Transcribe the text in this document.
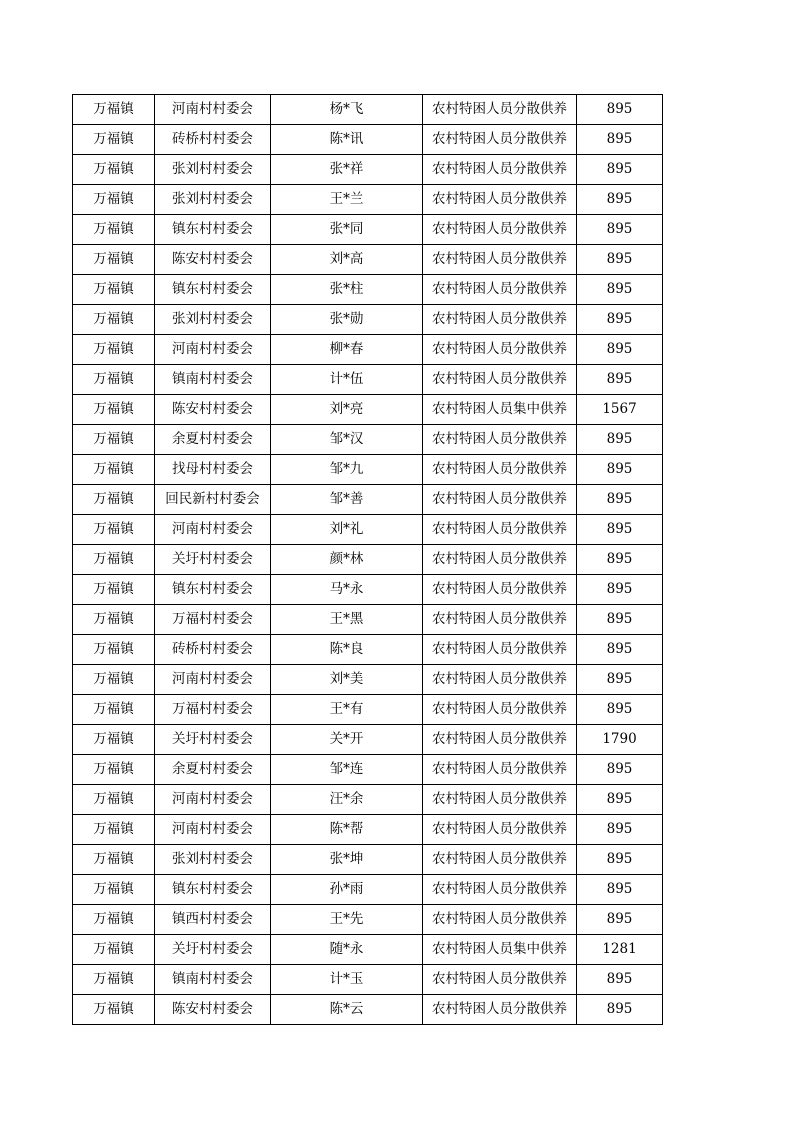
万福镇	河南村村委会	杨*飞	农村特困人员分散供养	895
万福镇	砖桥村村委会	陈*讯	农村特困人员分散供养	895
万福镇	张刘村村委会	张*祥	农村特困人员分散供养	895
万福镇	张刘村村委会	王*兰	农村特困人员分散供养	895
万福镇	镇东村村委会	张*同	农村特困人员分散供养	895
万福镇	陈安村村委会	刘*高	农村特困人员分散供养	895
万福镇	镇东村村委会	张*柱	农村特困人员分散供养	895
万福镇	张刘村村委会	张*勋	农村特困人员分散供养	895
万福镇	河南村村委会	柳*春	农村特困人员分散供养	895
万福镇	镇南村村委会	计*伍	农村特困人员分散供养	895
万福镇	陈安村村委会	刘*亮	农村特困人员集中供养	1567
万福镇	余夏村村委会	邹*汉	农村特困人员分散供养	895
万福镇	找母村村委会	邹*九	农村特困人员分散供养	895
万福镇	回民新村村委会	邹*善	农村特困人员分散供养	895
万福镇	河南村村委会	刘*礼	农村特困人员分散供养	895
万福镇	关圩村村委会	颜*林	农村特困人员分散供养	895
万福镇	镇东村村委会	马*永	农村特困人员分散供养	895
万福镇	万福村村委会	王*黑	农村特困人员分散供养	895
万福镇	砖桥村村委会	陈*良	农村特困人员分散供养	895
万福镇	河南村村委会	刘*美	农村特困人员分散供养	895
万福镇	万福村村委会	王*有	农村特困人员分散供养	895
万福镇	关圩村村委会	关*开	农村特困人员分散供养	1790
万福镇	余夏村村委会	邹*连	农村特困人员分散供养	895
万福镇	河南村村委会	汪*余	农村特困人员分散供养	895
万福镇	河南村村委会	陈*帮	农村特困人员分散供养	895
万福镇	张刘村村委会	张*坤	农村特困人员分散供养	895
万福镇	镇东村村委会	孙*雨	农村特困人员分散供养	895
万福镇	镇西村村委会	王*先	农村特困人员分散供养	895
万福镇	关圩村村委会	随*永	农村特困人员集中供养	1281
万福镇	镇南村村委会	计*玉	农村特困人员分散供养	895
万福镇	陈安村村委会	陈*云	农村特困人员分散供养	895
